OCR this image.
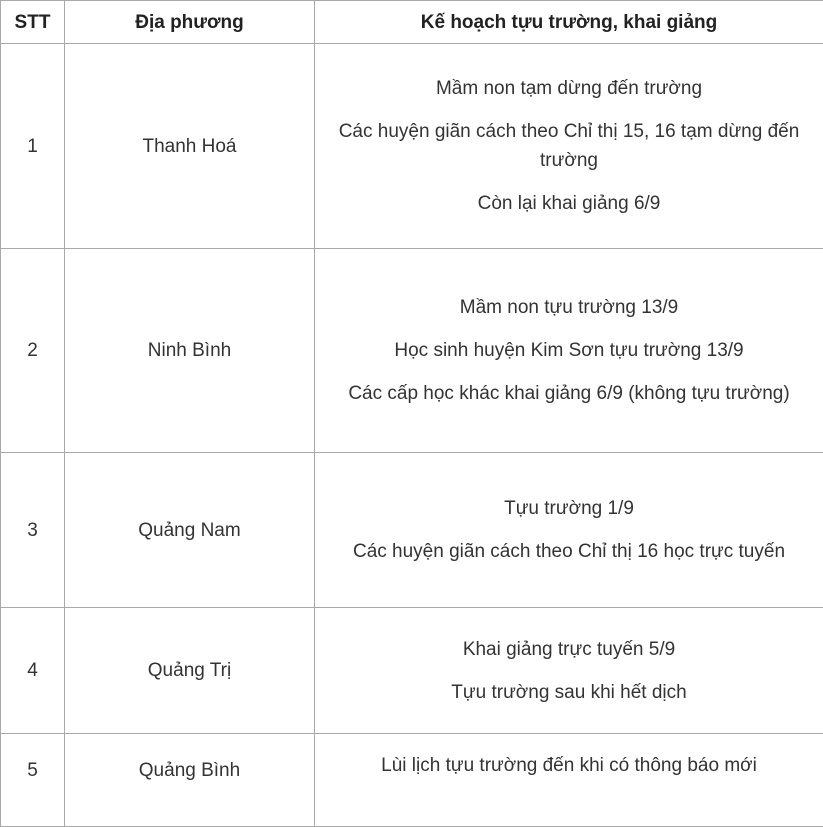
STT	Địa phương	Kế hoạch tựu trường, khai giảng
1	Thanh Hoá	Mầm non tạm dừng đến trường

Các huyện giãn cách theo Chỉ thị 15, 16 tạm dừng đến trường

Còn lại khai giảng 6/9

2	Ninh Bình	Mầm non tựu trường 13/9

Học sinh huyện Kim Sơn tựu trường 13/9

Các cấp học khác khai giảng 6/9 (không tựu trường)

3	Quảng Nam	Tựu trường 1/9

Các huyện giãn cách theo Chỉ thị 16 học trực tuyến

4	Quảng Trị	Khai giảng trực tuyến 5/9

Tựu trường sau khi hết dịch

5	Quảng Bình	Lùi lịch tựu trường đến khi có thông báo mới
